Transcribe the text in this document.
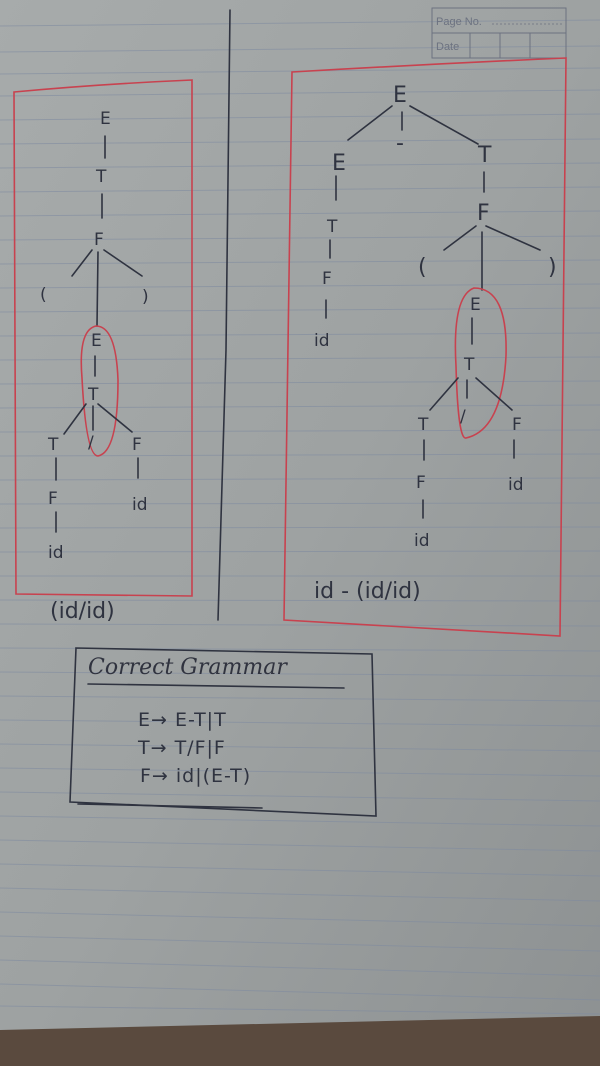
Page No.
Date
E
T
F
(	)
E
T
T / F
F	id
id
(id/id)
E
E
-	T
T
F
F	(	)
id
E
T
T /	F
F	id
id
id - (id/id)
Correct Grammar
E→ E-T|T
T→ T/F|F
F→ id|(E-T)
